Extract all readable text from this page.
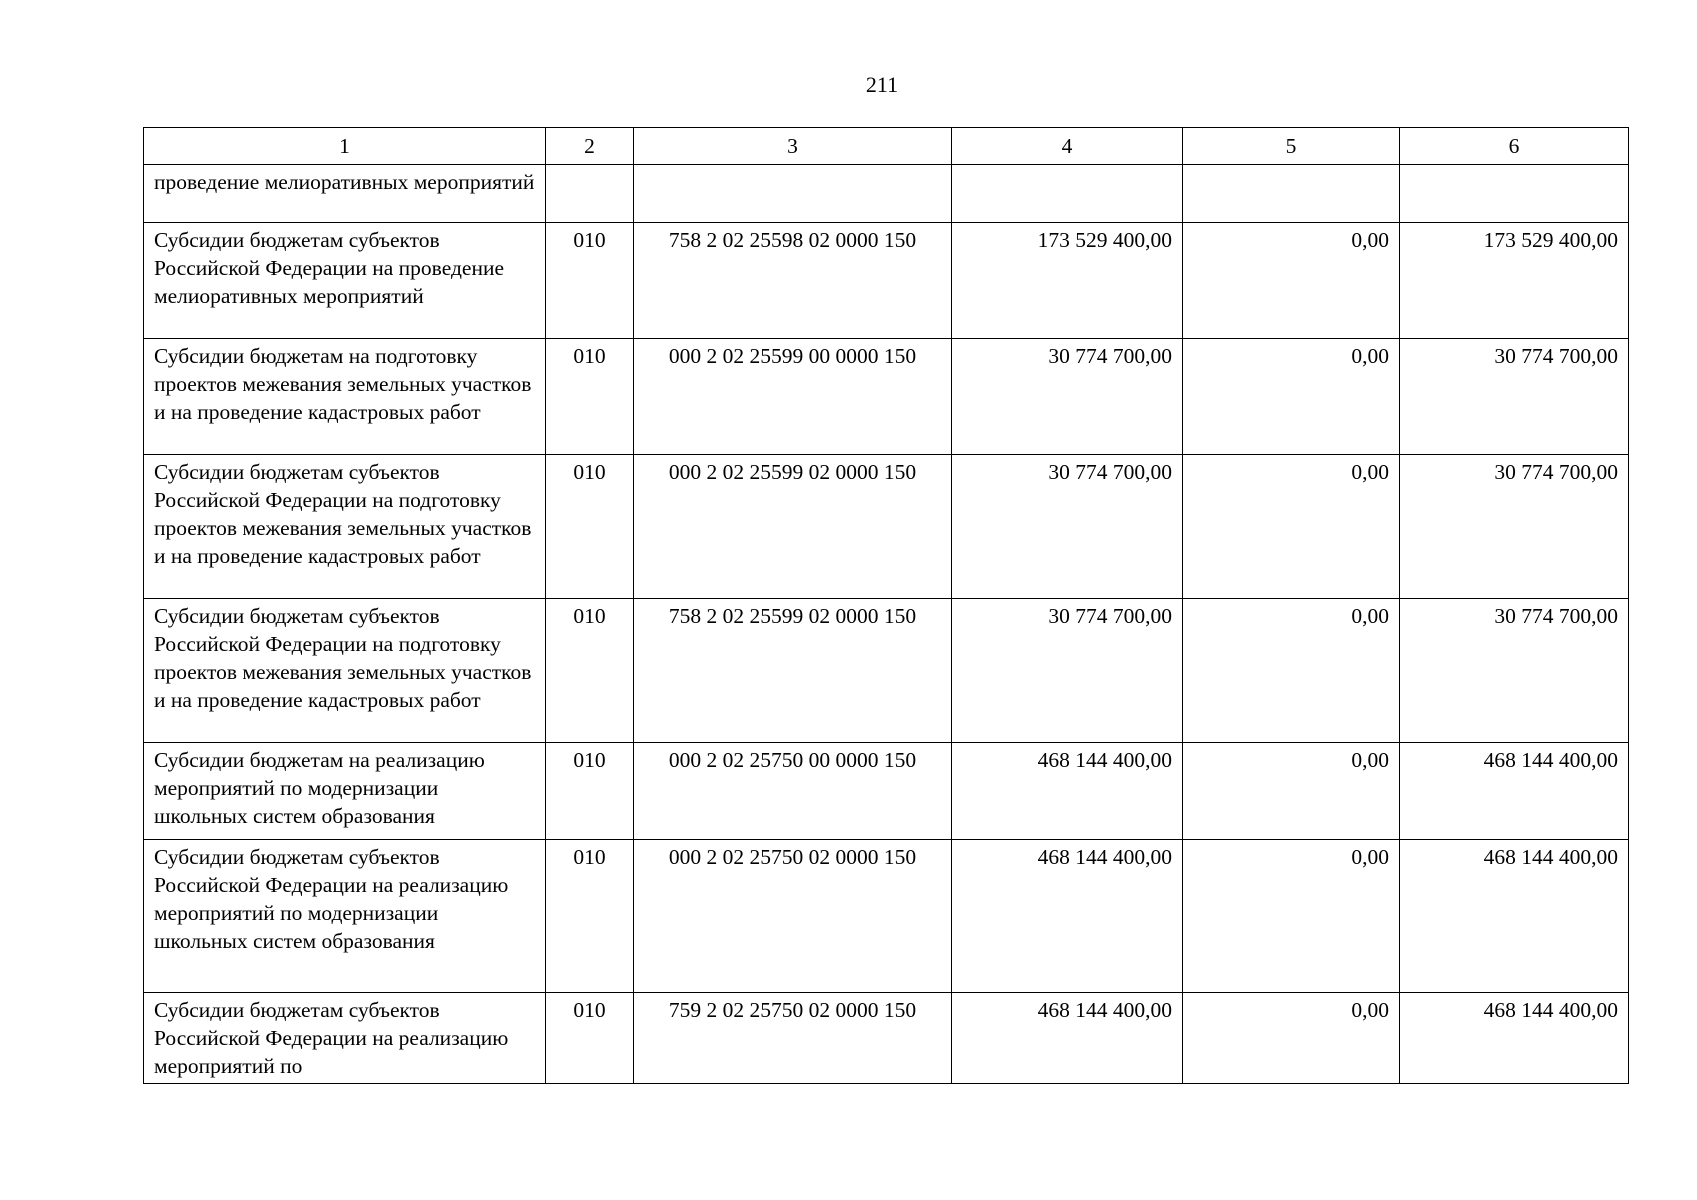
211
1	2	3	4	5	6
проведение мелиоративных мероприятий					
Субсидии бюджетам субъектов Российской Федерации на проведение мелиоративных мероприятий	010	758 2 02 25598 02 0000 150	173 529 400,00	0,00	173 529 400,00
Субсидии бюджетам на подготовку проектов межевания земельных участков и на проведение кадастровых работ	010	000 2 02 25599 00 0000 150	30 774 700,00	0,00	30 774 700,00
Субсидии бюджетам субъектов Российской Федерации на подготовку проектов межевания земельных участков и на проведение кадастровых работ	010	000 2 02 25599 02 0000 150	30 774 700,00	0,00	30 774 700,00
Субсидии бюджетам субъектов Российской Федерации на подготовку проектов межевания земельных участков и на проведение кадастровых работ	010	758 2 02 25599 02 0000 150	30 774 700,00	0,00	30 774 700,00
Субсидии бюджетам на реализацию мероприятий по модернизации школьных систем образования	010	000 2 02 25750 00 0000 150	468 144 400,00	0,00	468 144 400,00
Субсидии бюджетам субъектов Российской Федерации на реализацию мероприятий по модернизации школьных систем образования	010	000 2 02 25750 02 0000 150	468 144 400,00	0,00	468 144 400,00
Субсидии бюджетам субъектов Российской Федерации на реализацию мероприятий по	010	759 2 02 25750 02 0000 150	468 144 400,00	0,00	468 144 400,00
